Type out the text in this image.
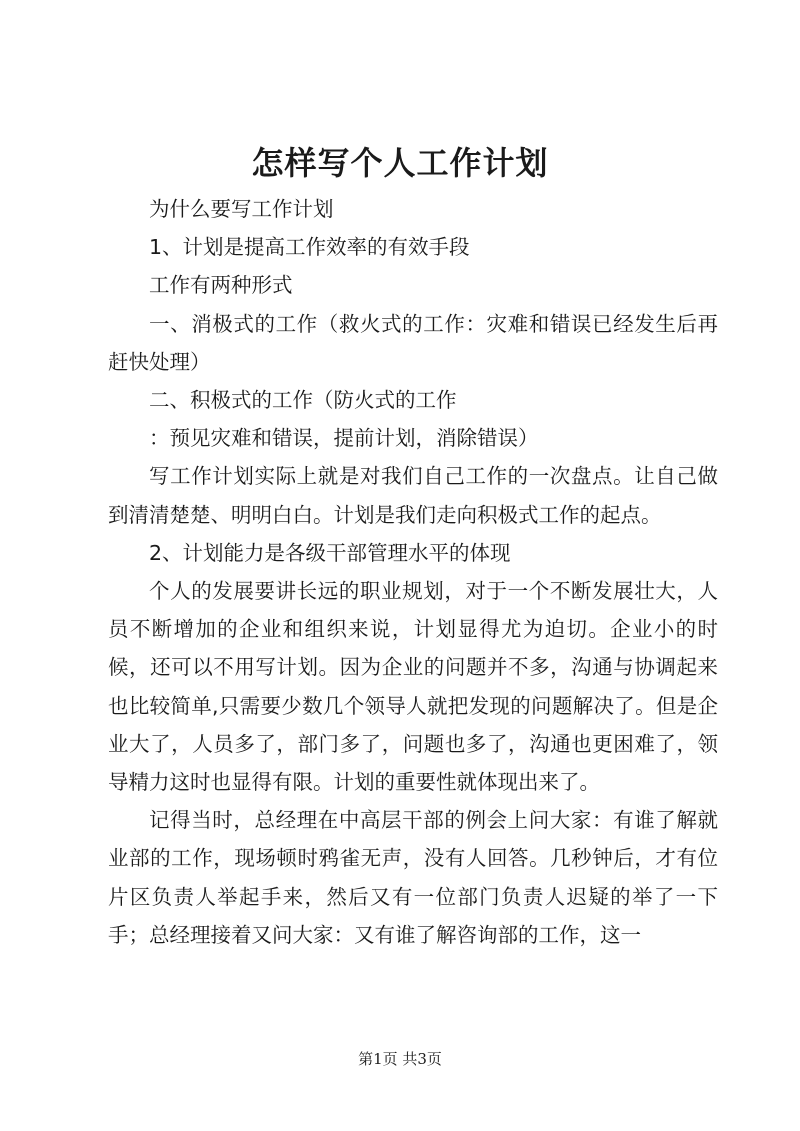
怎样写个人工作计划

为什么要写工作计划

1、计划是提高工作效率的有效手段

工作有两种形式

一、消极式的工作（救火式的工作：灾难和错误已经发生后再赶快处理）

二、积极式的工作（防火式的工作

：预见灾难和错误，提前计划，消除错误）

写工作计划实际上就是对我们自己工作的一次盘点。让自己做到清清楚楚、明明白白。计划是我们走向积极式工作的起点。

2、计划能力是各级干部管理水平的体现

个人的发展要讲长远的职业规划，对于一个不断发展壮大，人员不断增加的企业和组织来说，计划显得尤为迫切。企业小的时候，还可以不用写计划。因为企业的问题并不多，沟通与协调起来也比较简单,只需要少数几个领导人就把发现的问题解决了。但是企业大了，人员多了，部门多了，问题也多了，沟通也更困难了，领导精力这时也显得有限。计划的重要性就体现出来了。

记得当时，总经理在中高层干部的例会上问大家：有谁了解就业部的工作，现场顿时鸦雀无声，没有人回答。几秒钟后，才有位片区负责人举起手来，然后又有一位部门负责人迟疑的举了一下手；总经理接着又问大家：又有谁了解咨询部的工作，这一

第1页 共3页
